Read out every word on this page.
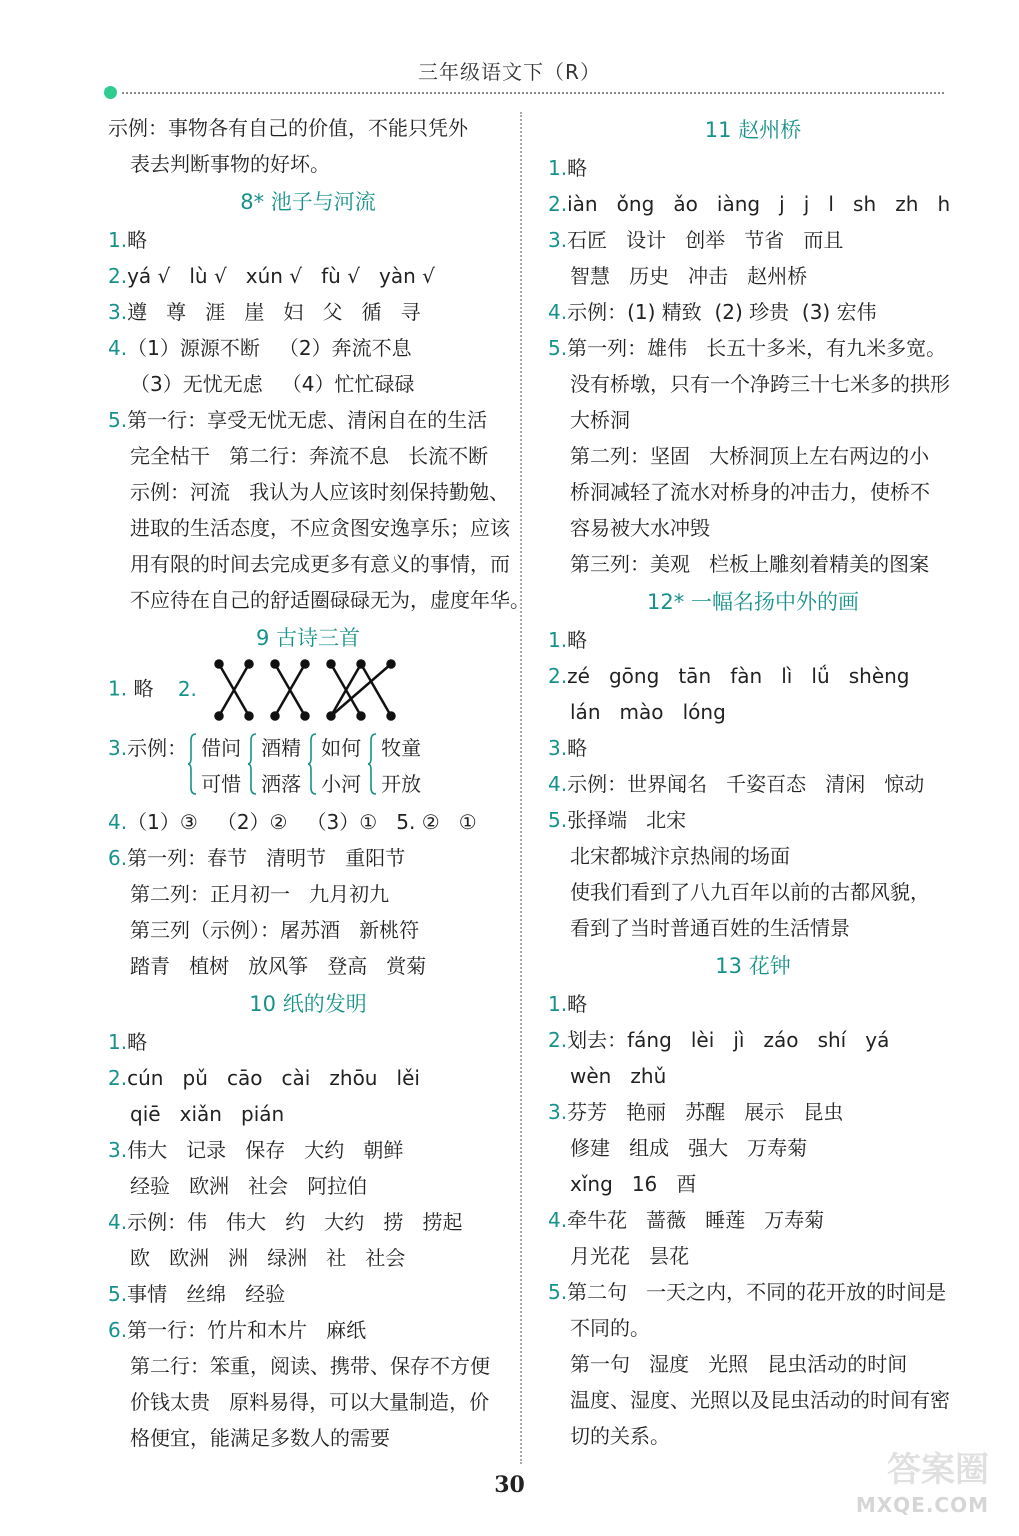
三年级语文下（R）
示例：事物各有自己的价值，不能只凭外
表去判断事物的好坏。
8* 池子与河流
1.略
2.yá √   lù √   xún √   fù √   yàn √
3.遵   尊   涯   崖   妇   父   循   寻
4.（1）源源不断   （2）奔流不息
（3）无忧无虑   （4）忙忙碌碌
5.第一行：享受无忧无虑、清闲自在的生活
完全枯干   第二行：奔流不息   长流不断
示例：河流   我认为人应该时刻保持勤勉、
进取的生活态度，不应贪图安逸享乐；应该
用有限的时间去完成更多有意义的事情，而
不应待在自己的舒适圈碌碌无为，虚度年华。
9 古诗三首
1. 略 2.
3.示例： 借问
可惜
酒精
洒落
如何
小河
牧童
开放
4.（1）③   （2）②   （3）①   5. ②   ①
6.第一列：春节   清明节   重阳节
第二列：正月初一   九月初九
第三列（示例）：屠苏酒   新桃符
踏青   植树   放风筝   登高   赏菊
10 纸的发明
1.略
2.cún   pǔ   cāo   cài   zhōu   lěi
qiē   xiǎn   pián
3.伟大   记录   保存   大约   朝鲜
经验   欧洲   社会   阿拉伯
4.示例：伟   伟大   约   大约   捞   捞起
欧   欧洲   洲   绿洲   社   社会
5.事情   丝绵   经验
6.第一行：竹片和木片   麻纸
第二行：笨重，阅读、携带、保存不方便
价钱太贵   原料易得，可以大量制造，价
格便宜，能满足多数人的需要
11 赵州桥
1.略
2.iàn   ǒng   ǎo   iàng   j   j   l   sh   zh   h
3.石匠   设计   创举   节省   而且
智慧   历史   冲击   赵州桥
4.示例：(1) 精致  (2) 珍贵  (3) 宏伟
5.第一列：雄伟   长五十多米，有九米多宽。
没有桥墩，只有一个净跨三十七米多的拱形
大桥洞
第二列：坚固   大桥洞顶上左右两边的小
桥洞减轻了流水对桥身的冲击力，使桥不
容易被大水冲毁
第三列：美观   栏板上雕刻着精美的图案
12* 一幅名扬中外的画
1.略
2.zé   gōng   tān   fàn   lì   lǘ   shèng
lán   mào   lóng
3.略
4.示例：世界闻名   千姿百态   清闲   惊动
5.张择端   北宋
北宋都城汴京热闹的场面
使我们看到了八九百年以前的古都风貌，
看到了当时普通百姓的生活情景
13 花钟
1.略
2.划去：fáng   lèi   jì   záo   shí   yá
wèn   zhǔ
3.芬芳   艳丽   苏醒   展示   昆虫
修建   组成   强大   万寿菊
xǐng   16   酉
4.牵牛花   蔷薇   睡莲   万寿菊
月光花   昙花
5.第二句   一天之内，不同的花开放的时间是
不同的。
第一句   湿度   光照   昆虫活动的时间
温度、湿度、光照以及昆虫活动的时间有密
切的关系。
30	答案圈
MXQE.COM
